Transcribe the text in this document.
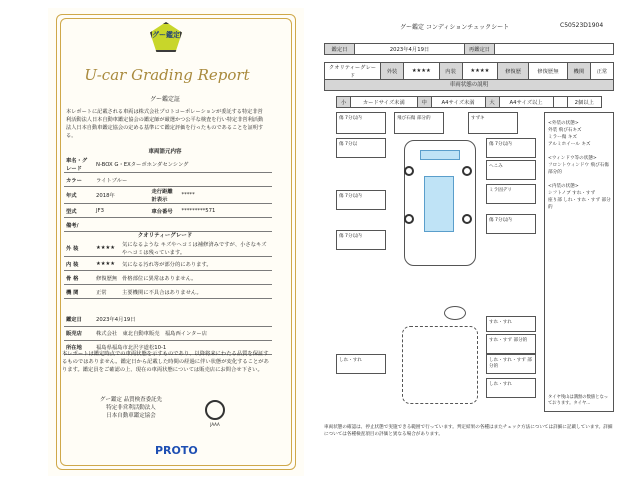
グー鑑定
U-car Grading Report
グー鑑定証
本レポートに記載される車両は株式会社プロトコーポレーションが委託する特定非営利活動法人日本自動車鑑定協会の鑑定師が厳選かつ公平な検査を行い特定非営利活動法人日本自動車鑑定協会の定める基準にて鑑定評価を行ったものであることを証明する。
車両語元内容
車名・グレード	N-BOX G・EXターボホンダセンシング		
カラー	ライトブルー		
年式	2018年	走行距離計表示	*****
型式	JF3	車台番号	*********571
備考/			
クオリティーグレード
外 装	★★★★	気になるような キズやヘコミは補修済みですが、小さなキズやヘコミは残っています。
内 装	★★★★	気になる汚れ等が部分的にあります。
骨 格	修復歴無	骨格部位に異常はありません。
機 関	正常	主要機関に不具合はありません。
鑑定日	2023年4月19日
販売店	株式会社　東北自動車販売　福島西インター店
所在地	福島県福島市北沢字道松10-1
本レポートは鑑定時点での車両状態を示すものであり、以降将来にわたる品質を保証するものではありません。鑑定日から記載した時間の経過に伴い状態が変化することがあります。鑑定員をご確認の上、現在の車両状態については販売店にお問合せ下さい。
グー鑑定 品質検査委託先
特定非営利活動法人
日本自動車鑑定協会
JAAA
PROTO
グー鑑定 コンディションチェックシート	C50523D1904
鑑定日	2023年4月19日	再鑑定日	
クオリティーグレード	外装	★★★★	内装	★★★★	修復歴	修復歴無	機関	正常
車両状態の説明
小	カードサイズ未満	中	A4サイズ未満	大	A4サイズ以上		2個以上
傷 7分以内	飛び石傷 部分的	すずキ
傷 7分以	傷 7分以内
へこみ
ミラ固デリ
傷 7分以内
傷 7分以内
傷 7分以内
すれ・すず 部分的
すれ・すれ
しれ・すれ	しれ・すれ・すず 部分的
しれ・すれ
<外装の状態>
外装 飛び石キズ
ミラー傷 キズ
アルミホイール キズ

<ウィンドウ等の状態>
フロントウィンドウ 飛び石傷 部分的

<内装の状態>
シフトノブ すれ・すず
座り部 しれ・すれ・すず 部分的
タイヤ残山は溝無の数値となっております。タイヤ...
車両状態の確認は、停止状態で実施できる範囲で行っています。判定結果の各種はまたチェック方法については詳細に記載しています。詳細については各種検査項目の評価と異なる場合があります。
